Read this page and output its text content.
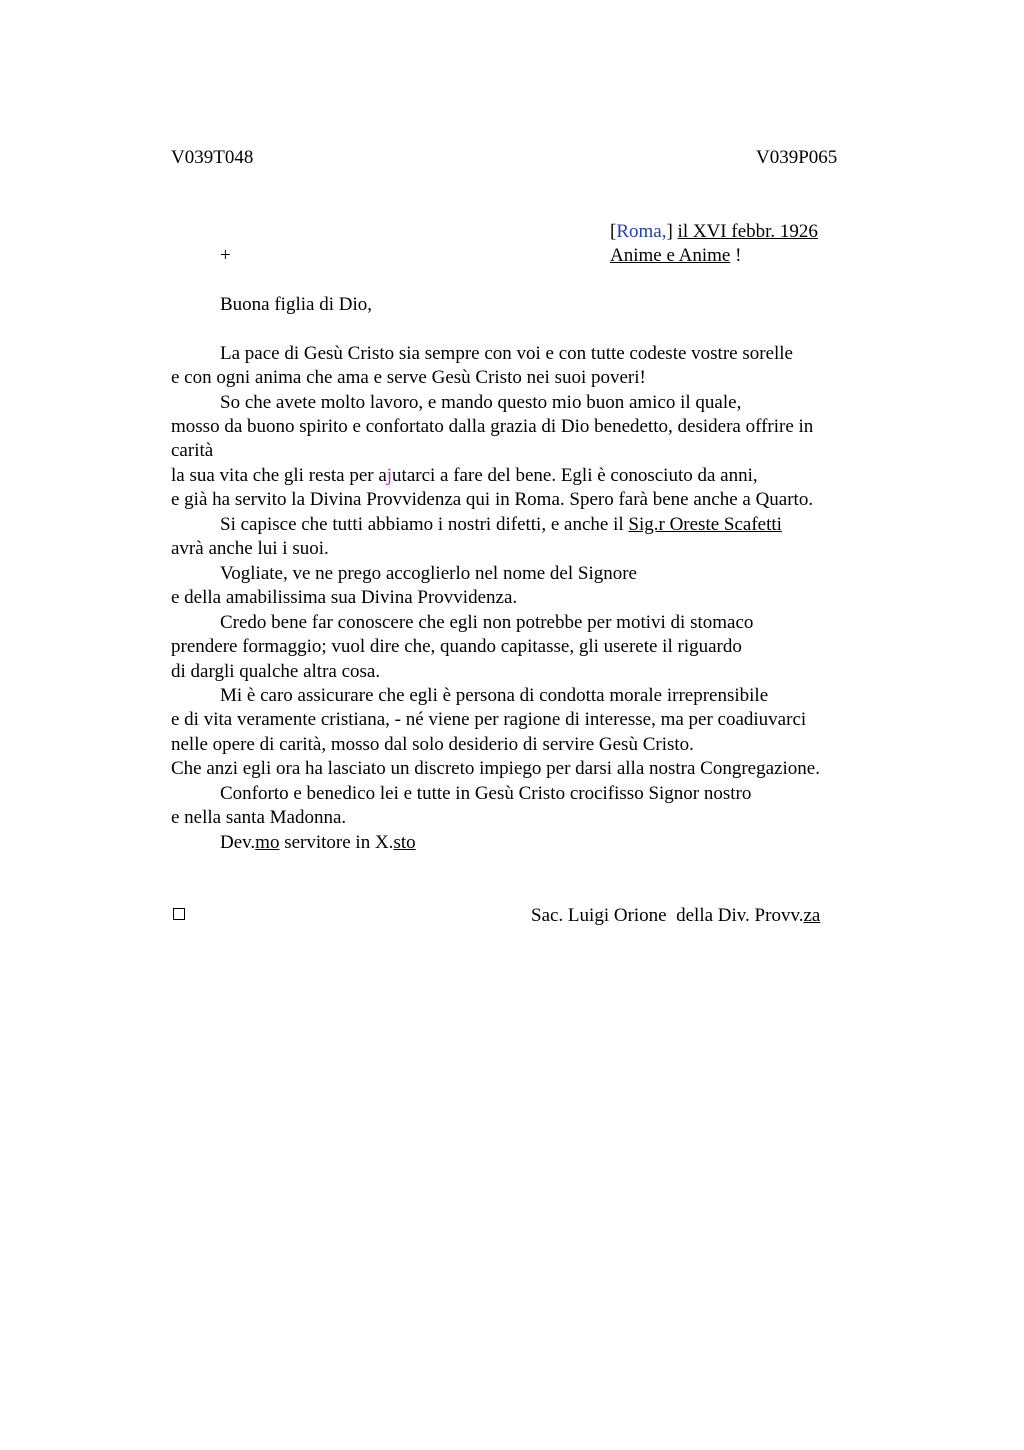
V039T048	V039P065
[Roma,] il XVI febbr. 1926
Anime e Anime !
+
Buona figlia di Dio,
La pace di Gesù Cristo sia sempre con voi e con tutte codeste vostre sorelle
e con ogni anima che ama e serve Gesù Cristo nei suoi poveri!
So che avete molto lavoro, e mando questo mio buon amico il quale,
mosso da buono spirito e confortato dalla grazia di Dio benedetto, desidera offrire in
carità
la sua vita che gli resta per ajutarci a fare del bene. Egli è conosciuto da anni,
e già ha servito la Divina Provvidenza qui in Roma. Spero farà bene anche a Quarto.
Si capisce che tutti abbiamo i nostri difetti, e anche il Sig.r Oreste Scafetti
avrà anche lui i suoi.
Vogliate, ve ne prego accoglierlo nel nome del Signore
e della amabilissima sua Divina Provvidenza.
Credo bene far conoscere che egli non potrebbe per motivi di stomaco
prendere formaggio; vuol dire che, quando capitasse, gli userete il riguardo
di dargli qualche altra cosa.
Mi è caro assicurare che egli è persona di condotta morale irreprensibile
e di vita veramente cristiana, - né viene per ragione di interesse, ma per coadiuvarci
nelle opere di carità, mosso dal solo desiderio di servire Gesù Cristo.
Che anzi egli ora ha lasciato un discreto impiego per darsi alla nostra Congregazione.
Conforto e benedico lei e tutte in Gesù Cristo crocifisso Signor nostro
e nella santa Madonna.
Dev.mo servitore in X.sto

Sac. Luigi Orione  della Div. Provv.za
